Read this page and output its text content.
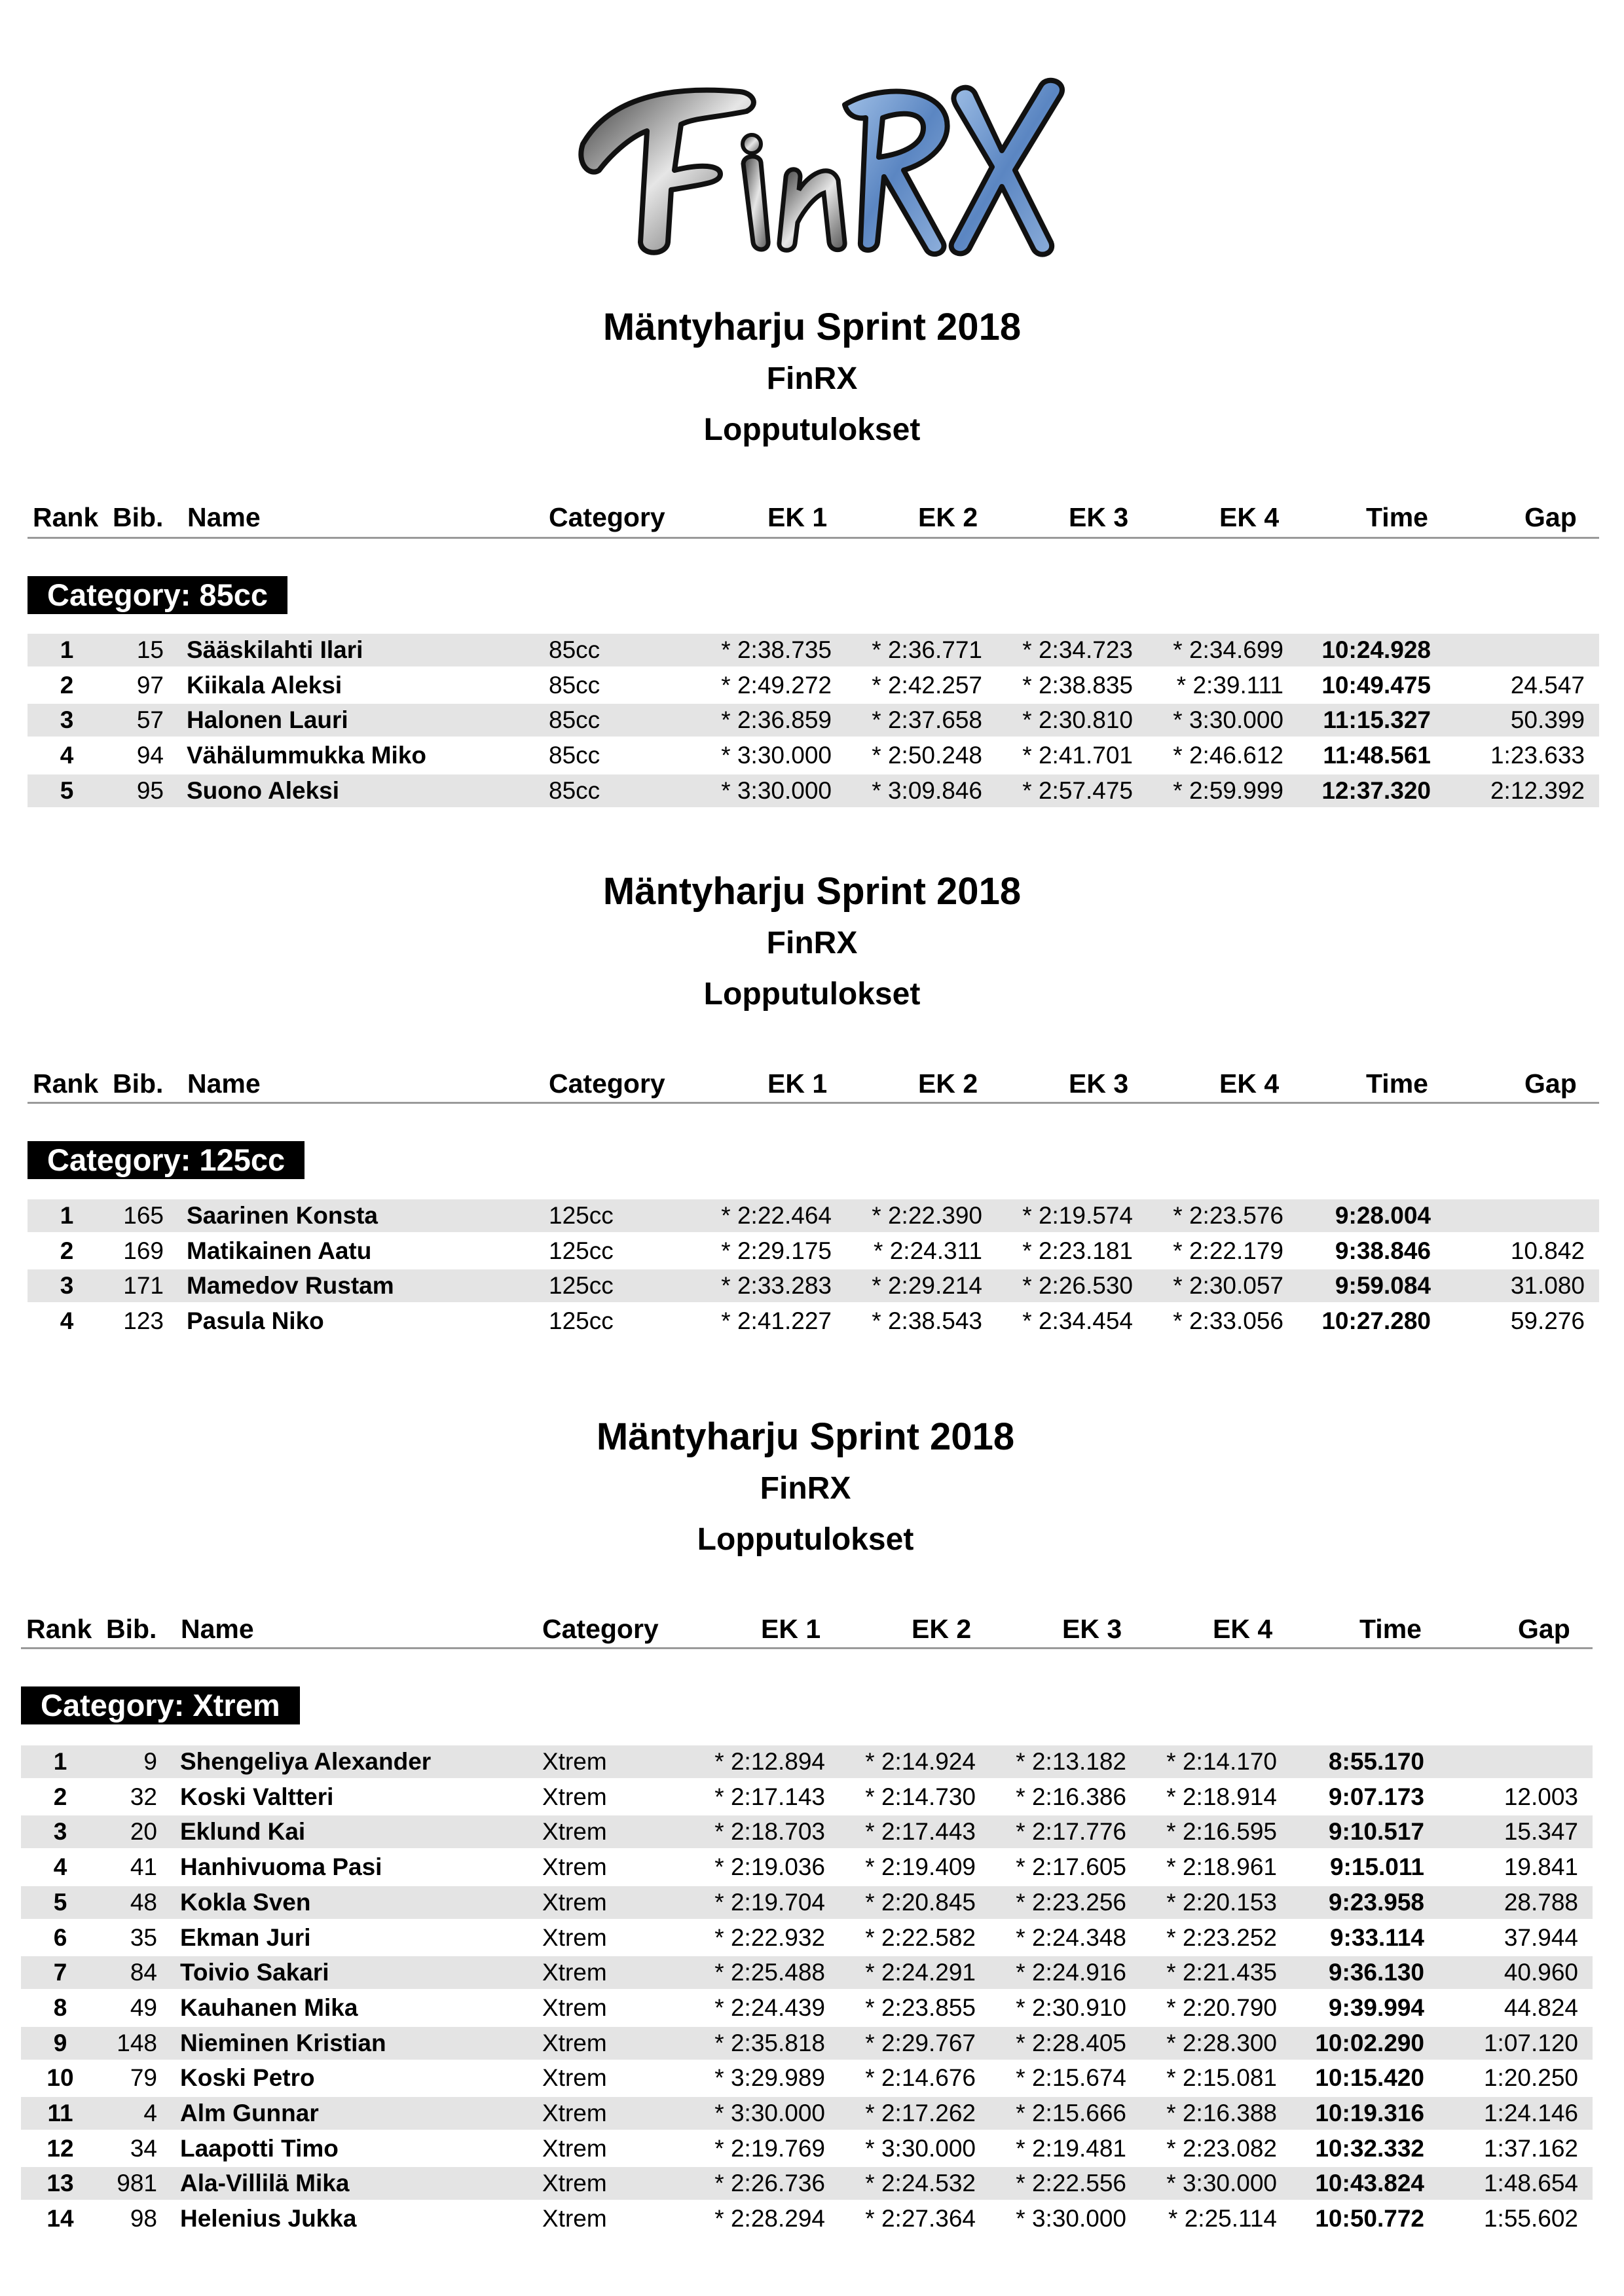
Mäntyharju Sprint 2018
FinRX
Lopputulokset
Rank Bib. Name	Category	EK 1	EK 2	EK 3	EK 4	Time	Gap
Category: 85cc
1	15 Sääskilahti Ilari	85cc	* 2:38.735	* 2:36.771	* 2:34.723	* 2:34.699	10:24.928
2	97 Kiikala Aleksi	85cc	* 2:49.272	* 2:42.257	* 2:38.835	* 2:39.111	10:49.475	24.547
3	57 Halonen Lauri	85cc	* 2:36.859	* 2:37.658	* 2:30.810	* 3:30.000	11:15.327	50.399
4	94 Vähälummukka Miko	85cc	* 3:30.000	* 2:50.248	* 2:41.701	* 2:46.612	11:48.561	1:23.633
5	95 Suono Aleksi	85cc	* 3:30.000	* 3:09.846	* 2:57.475	* 2:59.999	12:37.320	2:12.392
Mäntyharju Sprint 2018
FinRX
Lopputulokset
Rank Bib. Name	Category	EK 1	EK 2	EK 3	EK 4	Time	Gap
Category: 125cc
1	165 Saarinen Konsta	125cc	* 2:22.464	* 2:22.390	* 2:19.574	* 2:23.576	9:28.004
2	169 Matikainen Aatu	125cc	* 2:29.175	* 2:24.311	* 2:23.181	* 2:22.179	9:38.846	10.842
3	171 Mamedov Rustam	125cc	* 2:33.283	* 2:29.214	* 2:26.530	* 2:30.057	9:59.084	31.080
4	123 Pasula Niko	125cc	* 2:41.227	* 2:38.543	* 2:34.454	* 2:33.056	10:27.280	59.276
Mäntyharju Sprint 2018
FinRX
Lopputulokset
Rank Bib. Name	Category	EK 1	EK 2	EK 3	EK 4	Time	Gap
Category: Xtrem
1	9 Shengeliya Alexander	Xtrem	* 2:12.894	* 2:14.924	* 2:13.182	* 2:14.170	8:55.170
2	32 Koski Valtteri	Xtrem	* 2:17.143	* 2:14.730	* 2:16.386	* 2:18.914	9:07.173	12.003
3	20 Eklund Kai	Xtrem	* 2:18.703	* 2:17.443	* 2:17.776	* 2:16.595	9:10.517	15.347
4	41 Hanhivuoma Pasi	Xtrem	* 2:19.036	* 2:19.409	* 2:17.605	* 2:18.961	9:15.011	19.841
5	48 Kokla Sven	Xtrem	* 2:19.704	* 2:20.845	* 2:23.256	* 2:20.153	9:23.958	28.788
6	35 Ekman Juri	Xtrem	* 2:22.932	* 2:22.582	* 2:24.348	* 2:23.252	9:33.114	37.944
7	84 Toivio Sakari	Xtrem	* 2:25.488	* 2:24.291	* 2:24.916	* 2:21.435	9:36.130	40.960
8	49 Kauhanen Mika	Xtrem	* 2:24.439	* 2:23.855	* 2:30.910	* 2:20.790	9:39.994	44.824
9	148 Nieminen Kristian	Xtrem	* 2:35.818	* 2:29.767	* 2:28.405	* 2:28.300	10:02.290	1:07.120
10	79 Koski Petro	Xtrem	* 3:29.989	* 2:14.676	* 2:15.674	* 2:15.081	10:15.420	1:20.250
11	4 Alm Gunnar	Xtrem	* 3:30.000	* 2:17.262	* 2:15.666	* 2:16.388	10:19.316	1:24.146
12	34 Laapotti Timo	Xtrem	* 2:19.769	* 3:30.000	* 2:19.481	* 2:23.082	10:32.332	1:37.162
13	981 Ala-Villilä Mika	Xtrem	* 2:26.736	* 2:24.532	* 2:22.556	* 3:30.000	10:43.824	1:48.654
14	98 Helenius Jukka	Xtrem	* 2:28.294	* 2:27.364	* 3:30.000	* 2:25.114	10:50.772	1:55.602
